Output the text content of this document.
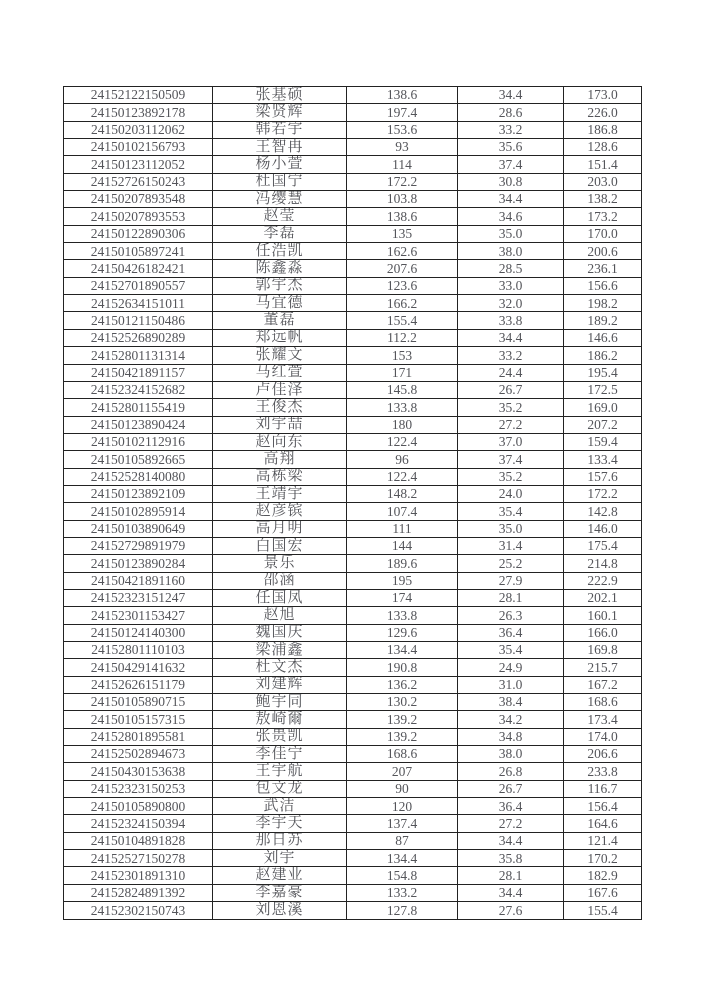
24152122150509	张基硕	138.6	34.4	173.0
24150123892178	梁贤辉	197.4	28.6	226.0
24150203112062	韩若宇	153.6	33.2	186.8
24150102156793	王智冉	93	35.6	128.6
24150123112052	杨小萱	114	37.4	151.4
24152726150243	杜国宁	172.2	30.8	203.0
24150207893548	冯缨慧	103.8	34.4	138.2
24150207893553	赵莹	138.6	34.6	173.2
24150122890306	李磊	135	35.0	170.0
24150105897241	任浩凯	162.6	38.0	200.6
24150426182421	陈鑫淼	207.6	28.5	236.1
24152701890557	郭宇杰	123.6	33.0	156.6
24152634151011	马宜德	166.2	32.0	198.2
24150121150486	董磊	155.4	33.8	189.2
24152526890289	郑远帆	112.2	34.4	146.6
24152801131314	张耀文	153	33.2	186.2
24150421891157	马红萱	171	24.4	195.4
24152324152682	卢佳泽	145.8	26.7	172.5
24152801155419	王俊杰	133.8	35.2	169.0
24150123890424	刘宇喆	180	27.2	207.2
24150102112916	赵向东	122.4	37.0	159.4
24150105892665	高翔	96	37.4	133.4
24152528140080	高栋梁	122.4	35.2	157.6
24150123892109	王靖宇	148.2	24.0	172.2
24150102895914	赵彦镔	107.4	35.4	142.8
24150103890649	高月明	111	35.0	146.0
24152729891979	白国宏	144	31.4	175.4
24150123890284	景乐	189.6	25.2	214.8
24150421891160	邵涵	195	27.9	222.9
24152323151247	任国凤	174	28.1	202.1
24152301153427	赵旭	133.8	26.3	160.1
24150124140300	魏国庆	129.6	36.4	166.0
24152801110103	梁浦鑫	134.4	35.4	169.8
24150429141632	杜文杰	190.8	24.9	215.7
24152626151179	刘建辉	136.2	31.0	167.2
24150105890715	鲍宇同	130.2	38.4	168.6
24150105157315	敖崎爾	139.2	34.2	173.4
24152801895581	张贵凯	139.2	34.8	174.0
24152502894673	李佳宁	168.6	38.0	206.6
24150430153638	王宇航	207	26.8	233.8
24152323150253	包文龙	90	26.7	116.7
24150105890800	武洁	120	36.4	156.4
24152324150394	李宇天	137.4	27.2	164.6
24150104891828	那日苏	87	34.4	121.4
24152527150278	刘宇	134.4	35.8	170.2
24152301891310	赵建业	154.8	28.1	182.9
24152824891392	李嘉豪	133.2	34.4	167.6
24152302150743	刘恩溪	127.8	27.6	155.4
